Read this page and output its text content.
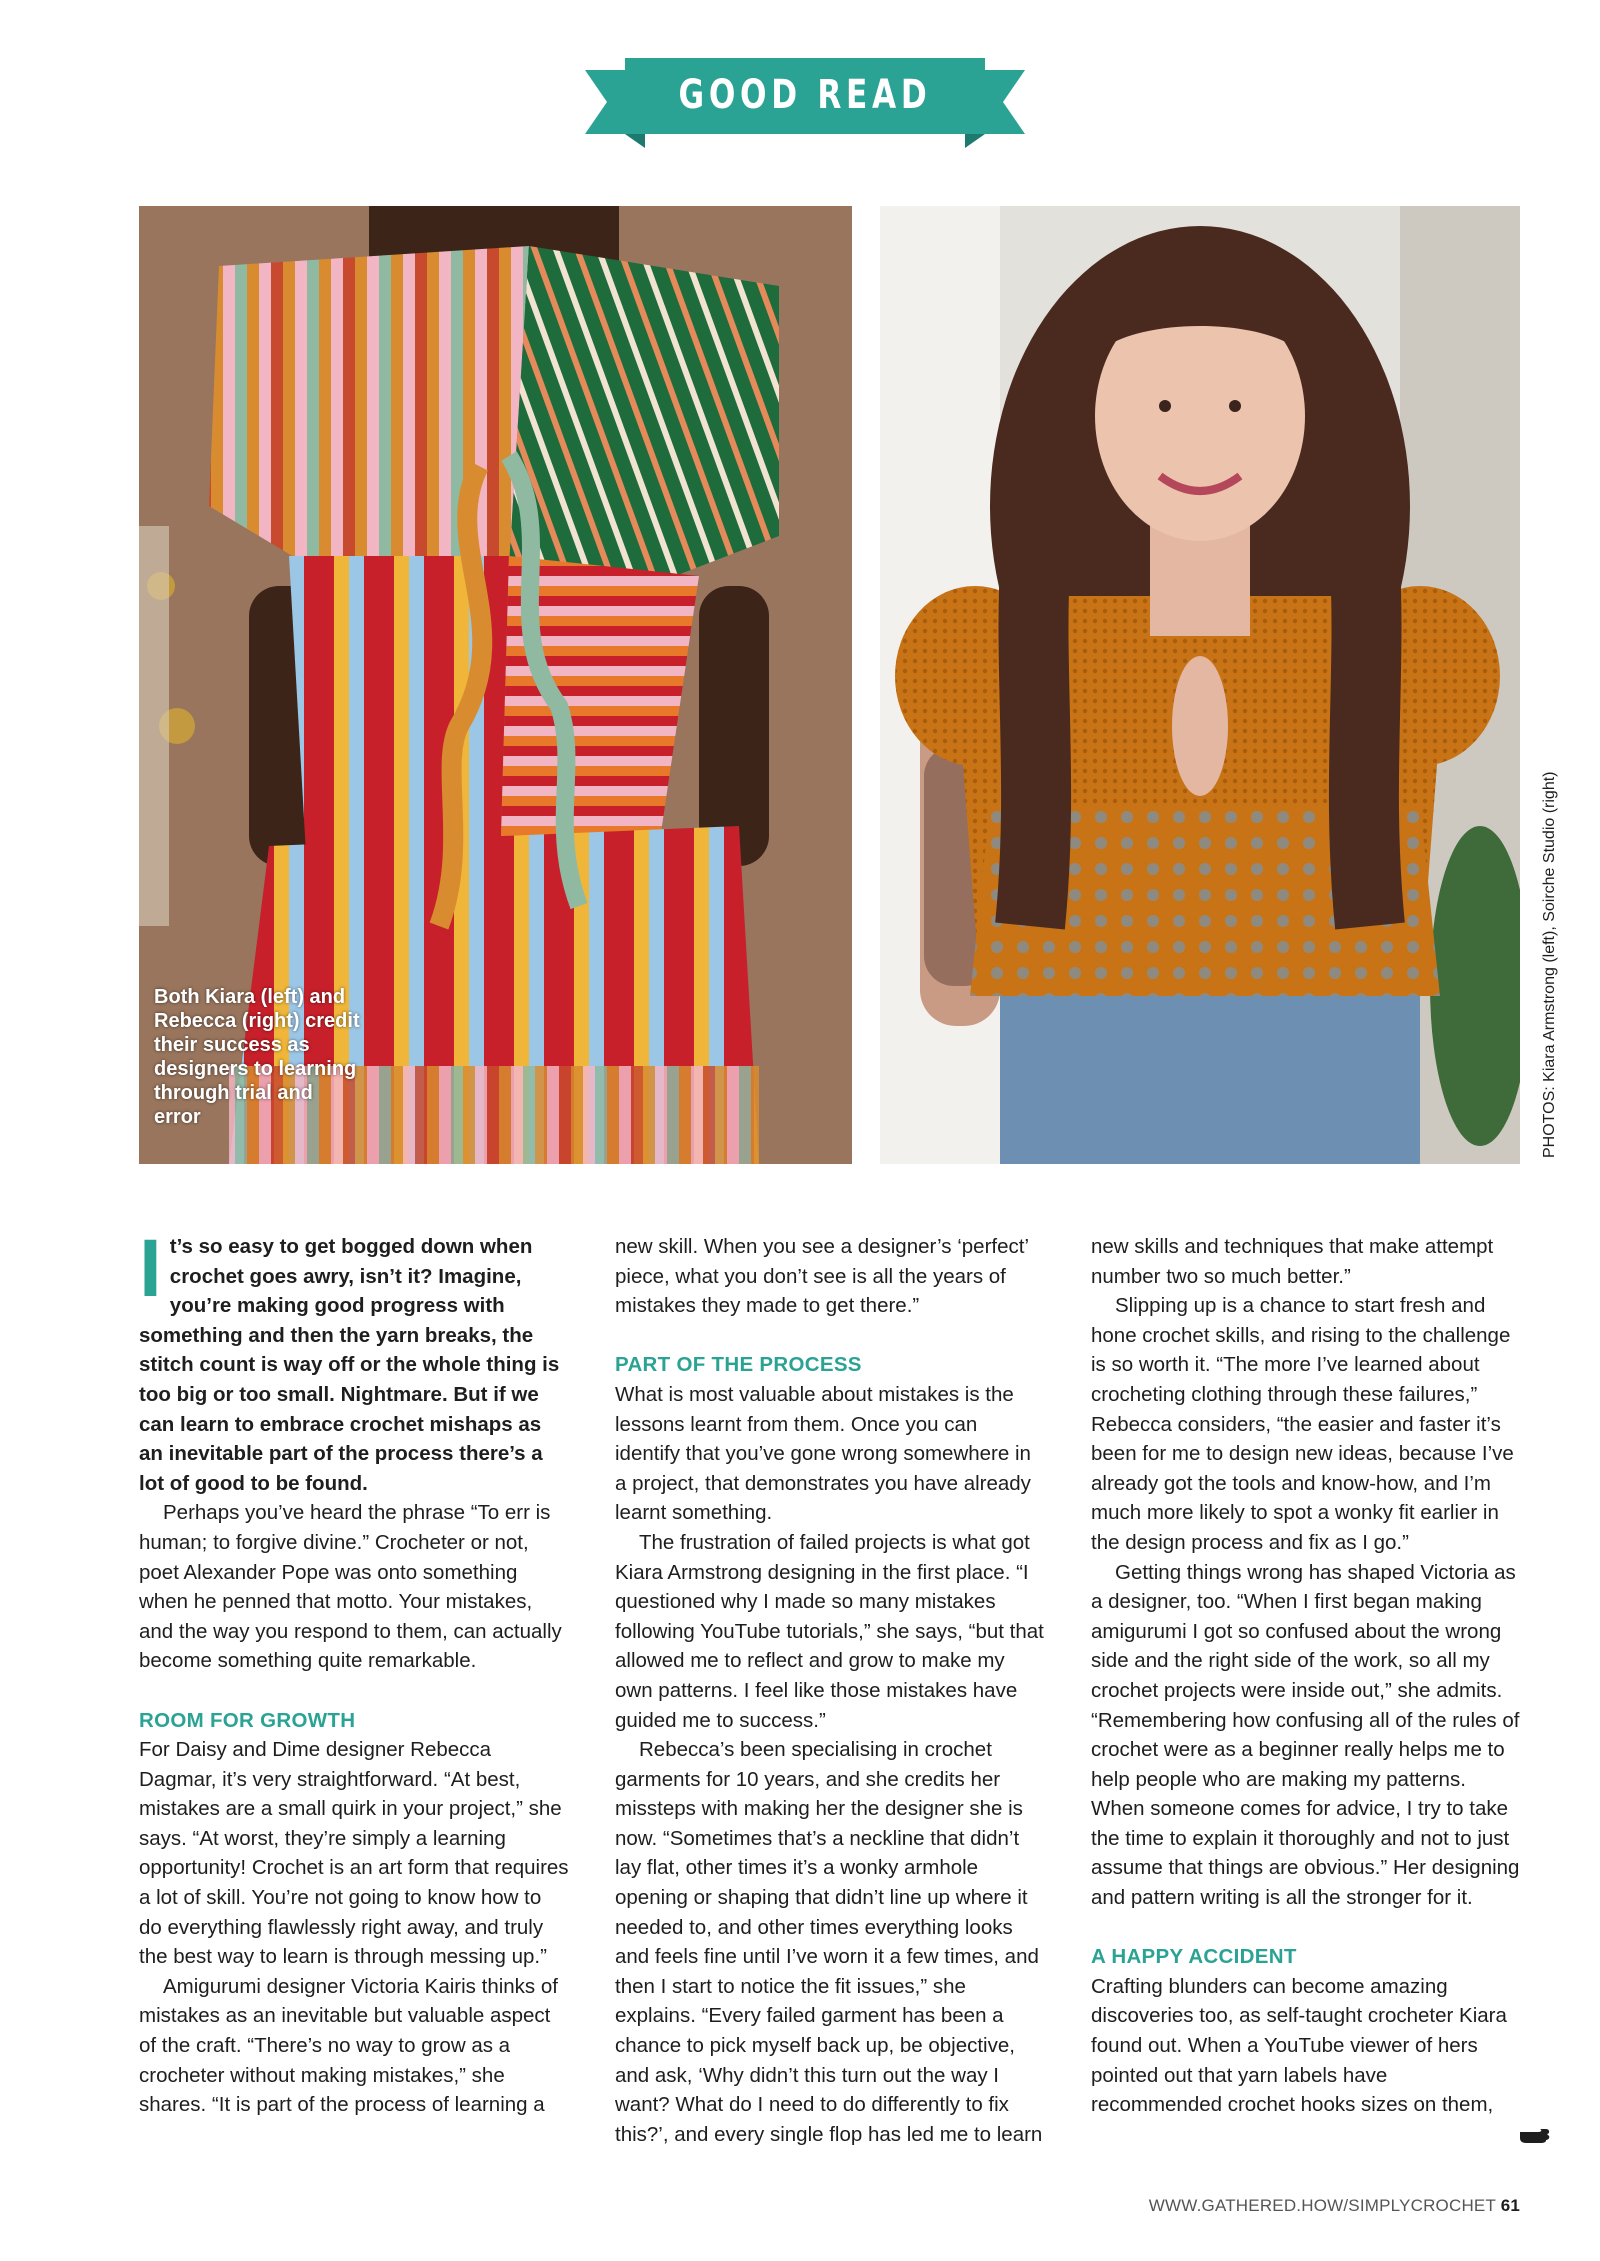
GOOD READ
Both Kiara (left) and Rebecca (right) credit their success as designers to learning through trial and error	PHOTOS: Kiara Armstrong (left), Soirche Studio (right)
I t’s so easy to get bogged down when crochet goes awry, isn’t it? Imagine, you’re making good progress with something and then the yarn breaks, the stitch count is way off or the whole thing is too big or too small. Nightmare. But if we can learn to embrace crochet mishaps as an inevitable part of the process there’s a lot of good to be found.

Perhaps you’ve heard the phrase “To err is human; to forgive divine.” Crocheter or not, poet Alexander Pope was onto something when he penned that motto. Your mistakes, and the way you respond to them, can actually become something quite remarkable.

ROOM FOR GROWTH

For Daisy and Dime designer Rebecca Dagmar, it’s very straightforward. “At best, mistakes are a small quirk in your project,” she says. “At worst, they’re simply a learning opportunity! Crochet is an art form that requires a lot of skill. You’re not going to know how to do everything flawlessly right away, and truly the best way to learn is through messing up.”

Amigurumi designer Victoria Kairis thinks of mistakes as an inevitable but valuable aspect of the craft. “There’s no way to grow as a crocheter without making mistakes,” she shares. “It is part of the process of learning a

new skill. When you see a designer’s ‘perfect’ piece, what you don’t see is all the years of mistakes they made to get there.”

PART OF THE PROCESS

What is most valuable about mistakes is the lessons learnt from them. Once you can identify that you’ve gone wrong somewhere in a project, that demonstrates you have already learnt something.

The frustration of failed projects is what got Kiara Armstrong designing in the first place. “I questioned why I made so many mistakes following YouTube tutorials,” she says, “but that allowed me to reflect and grow to make my own patterns. I feel like those mistakes have guided me to success.”

Rebecca’s been specialising in crochet garments for 10 years, and she credits her missteps with making her the designer she is now. “Sometimes that’s a neckline that didn’t lay flat, other times it’s a wonky armhole opening or shaping that didn’t line up where it needed to, and other times everything looks and feels fine until I’ve worn it a few times, and then I start to notice the fit issues,” she explains. “Every failed garment has been a chance to pick myself back up, be objective, and ask, ‘Why didn’t this turn out the way I want? What do I need to do differently to fix this?’, and every single flop has led me to learn

new skills and techniques that make attempt number two so much better.”

Slipping up is a chance to start fresh and hone crochet skills, and rising to the challenge is so worth it. “The more I’ve learned about crocheting clothing through these failures,” Rebecca considers, “the easier and faster it’s been for me to design new ideas, because I’ve already got the tools and know-how, and I’m much more likely to spot a wonky fit earlier in the design process and fix as I go.”

Getting things wrong has shaped Victoria as a designer, too. “When I first began making amigurumi I got so confused about the wrong side and the right side of the work, so all my crochet projects were inside out,” she admits. “Remembering how confusing all of the rules of crochet were as a beginner really helps me to help people who are making my patterns. When someone comes for advice, I try to take the time to explain it thoroughly and not to just assume that things are obvious.” Her designing and pattern writing is all the stronger for it.

A HAPPY ACCIDENT

Crafting blunders can become amazing discoveries too, as self-taught crocheter Kiara found out. When a YouTube viewer of hers pointed out that yarn labels have recommended crochet hooks sizes on them,

WWW.GATHERED.HOW/SIMPLYCROCHET 61
